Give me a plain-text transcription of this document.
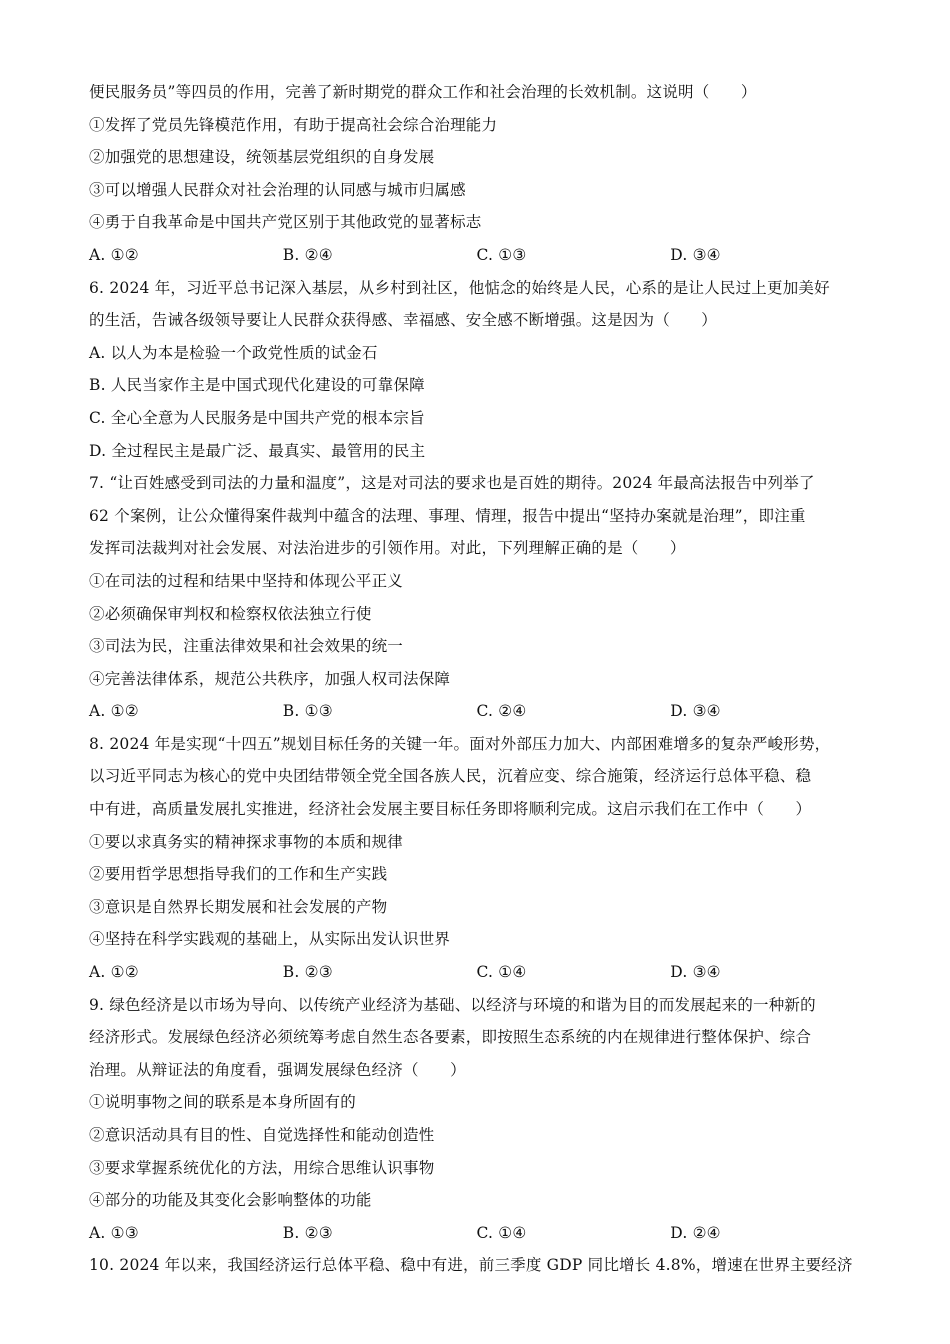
便民服务员”等四员的作用，完善了新时期党的群众工作和社会治理的长效机制。这说明（　　）
①发挥了党员先锋模范作用，有助于提高社会综合治理能力
②加强党的思想建设，统领基层党组织的自身发展
③可以增强人民群众对社会治理的认同感与城市归属感
④勇于自我革命是中国共产党区别于其他政党的显著标志
A. ①②	B. ②④	C. ①③	D. ③④
6. 2024 年，习近平总书记深入基层，从乡村到社区，他惦念的始终是人民，心系的是让人民过上更加美好
的生活，告诫各级领导要让人民群众获得感、幸福感、安全感不断增强。这是因为（　　）
A. 以人为本是检验一个政党性质的试金石
B. 人民当家作主是中国式现代化建设的可靠保障
C. 全心全意为人民服务是中国共产党的根本宗旨
D. 全过程民主是最广泛、最真实、最管用的民主
7. “让百姓感受到司法的力量和温度”，这是对司法的要求也是百姓的期待。2024 年最高法报告中列举了
62 个案例，让公众懂得案件裁判中蕴含的法理、事理、情理，报告中提出“坚持办案就是治理”，即注重
发挥司法裁判对社会发展、对法治进步的引领作用。对此，下列理解正确的是（　　）
①在司法的过程和结果中坚持和体现公平正义
②必须确保审判权和检察权依法独立行使
③司法为民，注重法律效果和社会效果的统一
④完善法律体系，规范公共秩序，加强人权司法保障
A. ①②	B. ①③	C. ②④	D. ③④
8. 2024 年是实现“十四五”规划目标任务的关键一年。面对外部压力加大、内部困难增多的复杂严峻形势，
以习近平同志为核心的党中央团结带领全党全国各族人民，沉着应变、综合施策，经济运行总体平稳、稳
中有进，高质量发展扎实推进，经济社会发展主要目标任务即将顺利完成。这启示我们在工作中（　　）
①要以求真务实的精神探求事物的本质和规律
②要用哲学思想指导我们的工作和生产实践
③意识是自然界长期发展和社会发展的产物
④坚持在科学实践观的基础上，从实际出发认识世界
A. ①②	B. ②③	C. ①④	D. ③④
9. 绿色经济是以市场为导向、以传统产业经济为基础、以经济与环境的和谐为目的而发展起来的一种新的
经济形式。发展绿色经济必须统筹考虑自然生态各要素，即按照生态系统的内在规律进行整体保护、综合
治理。从辩证法的角度看，强调发展绿色经济（　　）
①说明事物之间的联系是本身所固有的
②意识活动具有目的性、自觉选择性和能动创造性
③要求掌握系统优化的方法，用综合思维认识事物
④部分的功能及其变化会影响整体的功能
A. ①③	B. ②③	C. ①④	D. ②④
10. 2024 年以来，我国经济运行总体平稳、稳中有进，前三季度 GDP 同比增长 4.8%，增速在世界主要经济
